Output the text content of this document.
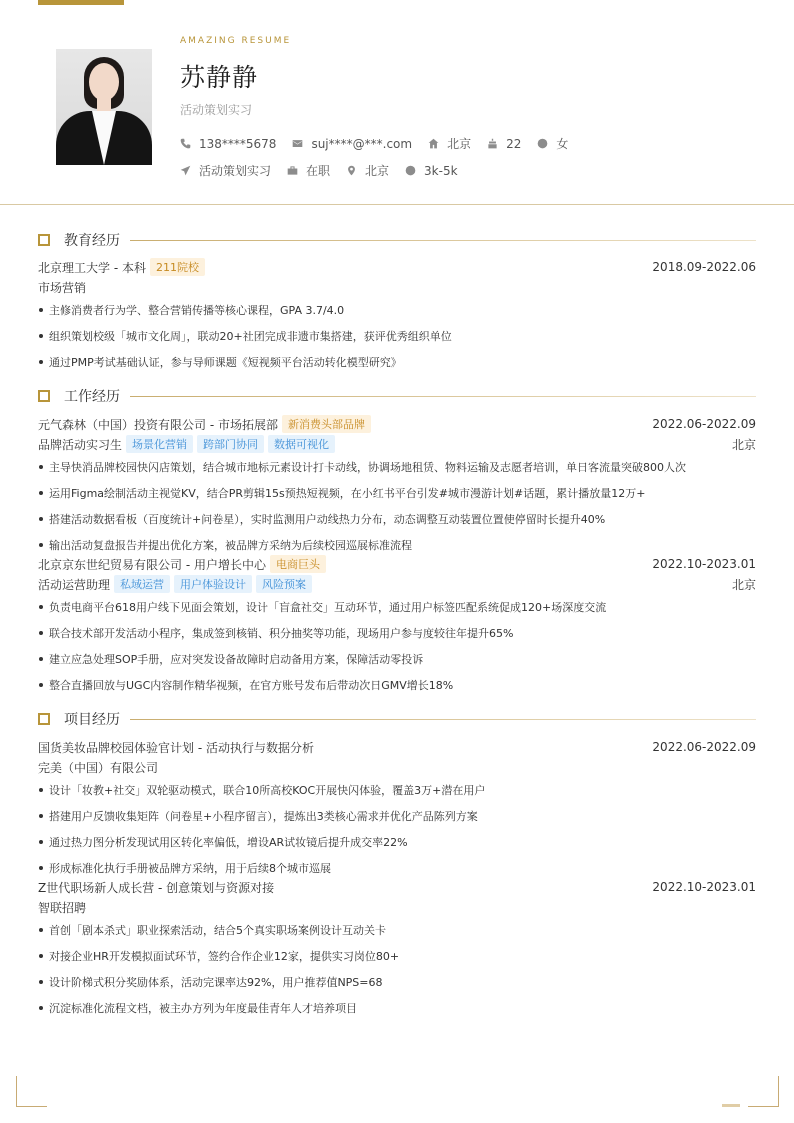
AMAZING RESUME
苏静静
活动策划实习
138****5678	suj****@***.com	北京	22	女
活动策划实习	在职	北京	3k-5k
教育经历
北京理工大学 - 本科 211院校	2018.09-2022.06
市场营销
主修消费者行为学、整合营销传播等核心课程，GPA 3.7/4.0
组织策划校级「城市文化周」，联动20+社团完成非遗市集搭建，获评优秀组织单位
通过PMP考试基础认证，参与导师课题《短视频平台活动转化模型研究》
工作经历
元气森林（中国）投资有限公司 - 市场拓展部 新消费头部品牌	2022.06-2022.09
品牌活动实习生 场景化营销	跨部门协同	数据可视化	北京
主导快消品牌校园快闪店策划，结合城市地标元素设计打卡动线，协调场地租赁、物料运输及志愿者培训，单日客流量突破800人次
运用Figma绘制活动主视觉KV，结合PR剪辑15s预热短视频，在小红书平台引发#城市漫游计划#话题，累计播放量12万+
搭建活动数据看板（百度统计+问卷星），实时监测用户动线热力分布，动态调整互动装置位置使停留时长提升40%
输出活动复盘报告并提出优化方案，被品牌方采纳为后续校园巡展标准流程
北京京东世纪贸易有限公司 - 用户增长中心 电商巨头	2022.10-2023.01
活动运营助理 私域运营	用户体验设计	风险预案	北京
负责电商平台618用户线下见面会策划，设计「盲盒社交」互动环节，通过用户标签匹配系统促成120+场深度交流
联合技术部开发活动小程序，集成签到核销、积分抽奖等功能，现场用户参与度较往年提升65%
建立应急处理SOP手册，应对突发设备故障时启动备用方案，保障活动零投诉
整合直播回放与UGC内容制作精华视频，在官方账号发布后带动次日GMV增长18%
项目经历
国货美妆品牌校园体验官计划 - 活动执行与数据分析	2022.06-2022.09
完美（中国）有限公司
设计「妆教+社交」双轮驱动模式，联合10所高校KOC开展快闪体验，覆盖3万+潜在用户
搭建用户反馈收集矩阵（问卷星+小程序留言），提炼出3类核心需求并优化产品陈列方案
通过热力图分析发现试用区转化率偏低，增设AR试妆镜后提升成交率22%
形成标准化执行手册被品牌方采纳，用于后续8个城市巡展
Z世代职场新人成长营 - 创意策划与资源对接	2022.10-2023.01
智联招聘
首创「剧本杀式」职业探索活动，结合5个真实职场案例设计互动关卡
对接企业HR开发模拟面试环节，签约合作企业12家，提供实习岗位80+
设计阶梯式积分奖励体系，活动完课率达92%，用户推荐值NPS=68
沉淀标准化流程文档，被主办方列为年度最佳青年人才培养项目
